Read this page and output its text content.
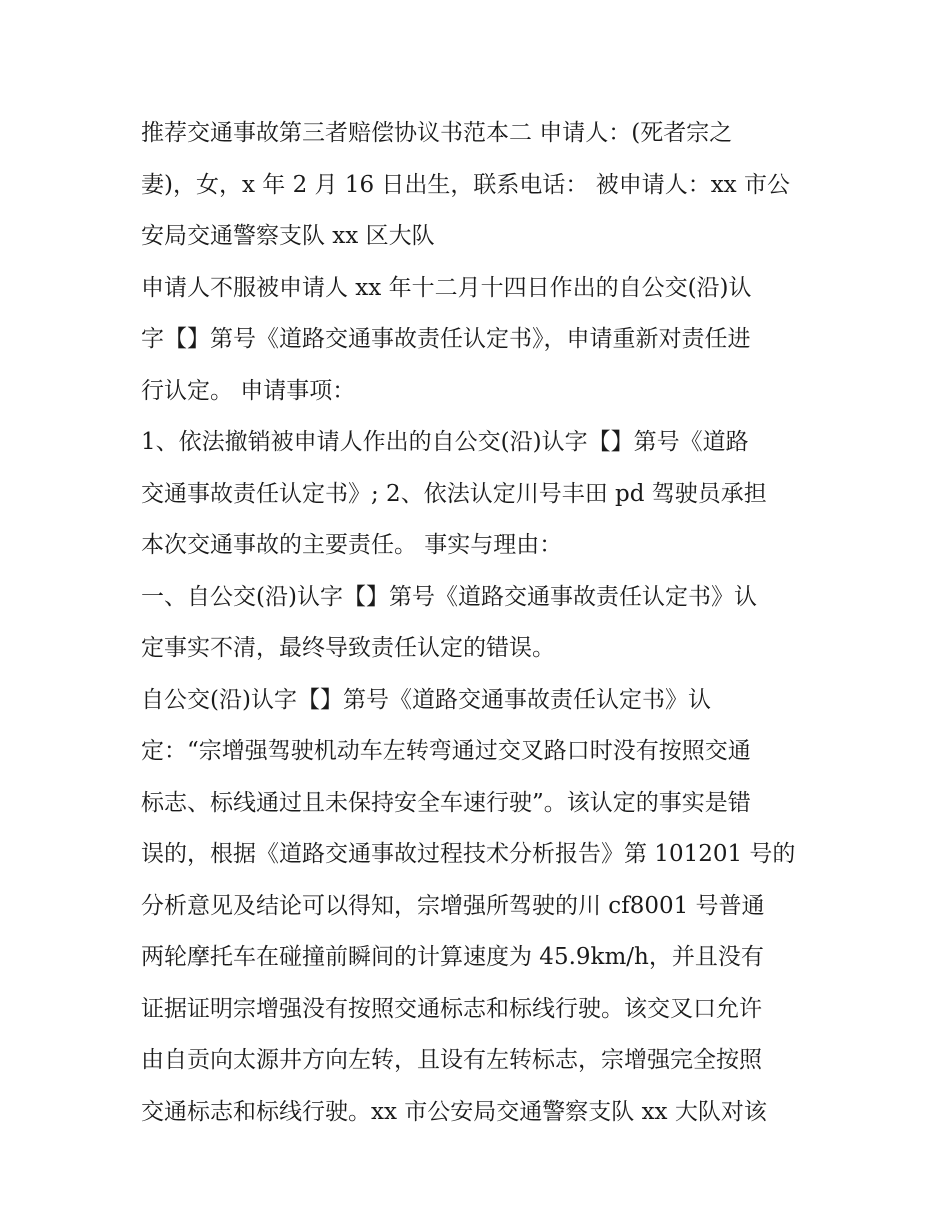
推荐交通事故第三者赔偿协议书范本二 申请人：(死者宗之
妻)，女，x 年 2 月 16 日出生，联系电话： 被申请人：xx 市公
安局交通警察支队 xx 区大队
申请人不服被申请人 xx 年十二月十四日作出的自公交(沿)认
字【】第号《道路交通事故责任认定书》，申请重新对责任进
行认定。 申请事项：
1、依法撤销被申请人作出的自公交(沿)认字【】第号《道路
交通事故责任认定书》; 2、依法认定川号丰田 pd 驾驶员承担
本次交通事故的主要责任。 事实与理由：
一、自公交(沿)认字【】第号《道路交通事故责任认定书》认
定事实不清，最终导致责任认定的错误。
自公交(沿)认字【】第号《道路交通事故责任认定书》认
定：“宗增强驾驶机动车左转弯通过交叉路口时没有按照交通
标志、标线通过且未保持安全车速行驶”。该认定的事实是错
误的，根据《道路交通事故过程技术分析报告》第 101201 号的
分析意见及结论可以得知，宗增强所驾驶的川 cf8001 号普通
两轮摩托车在碰撞前瞬间的计算速度为 45.9km/h，并且没有
证据证明宗增强没有按照交通标志和标线行驶。该交叉口允许
由自贡向太源井方向左转，且设有左转标志，宗增强完全按照
交通标志和标线行驶。xx 市公安局交通警察支队 xx 大队对该
